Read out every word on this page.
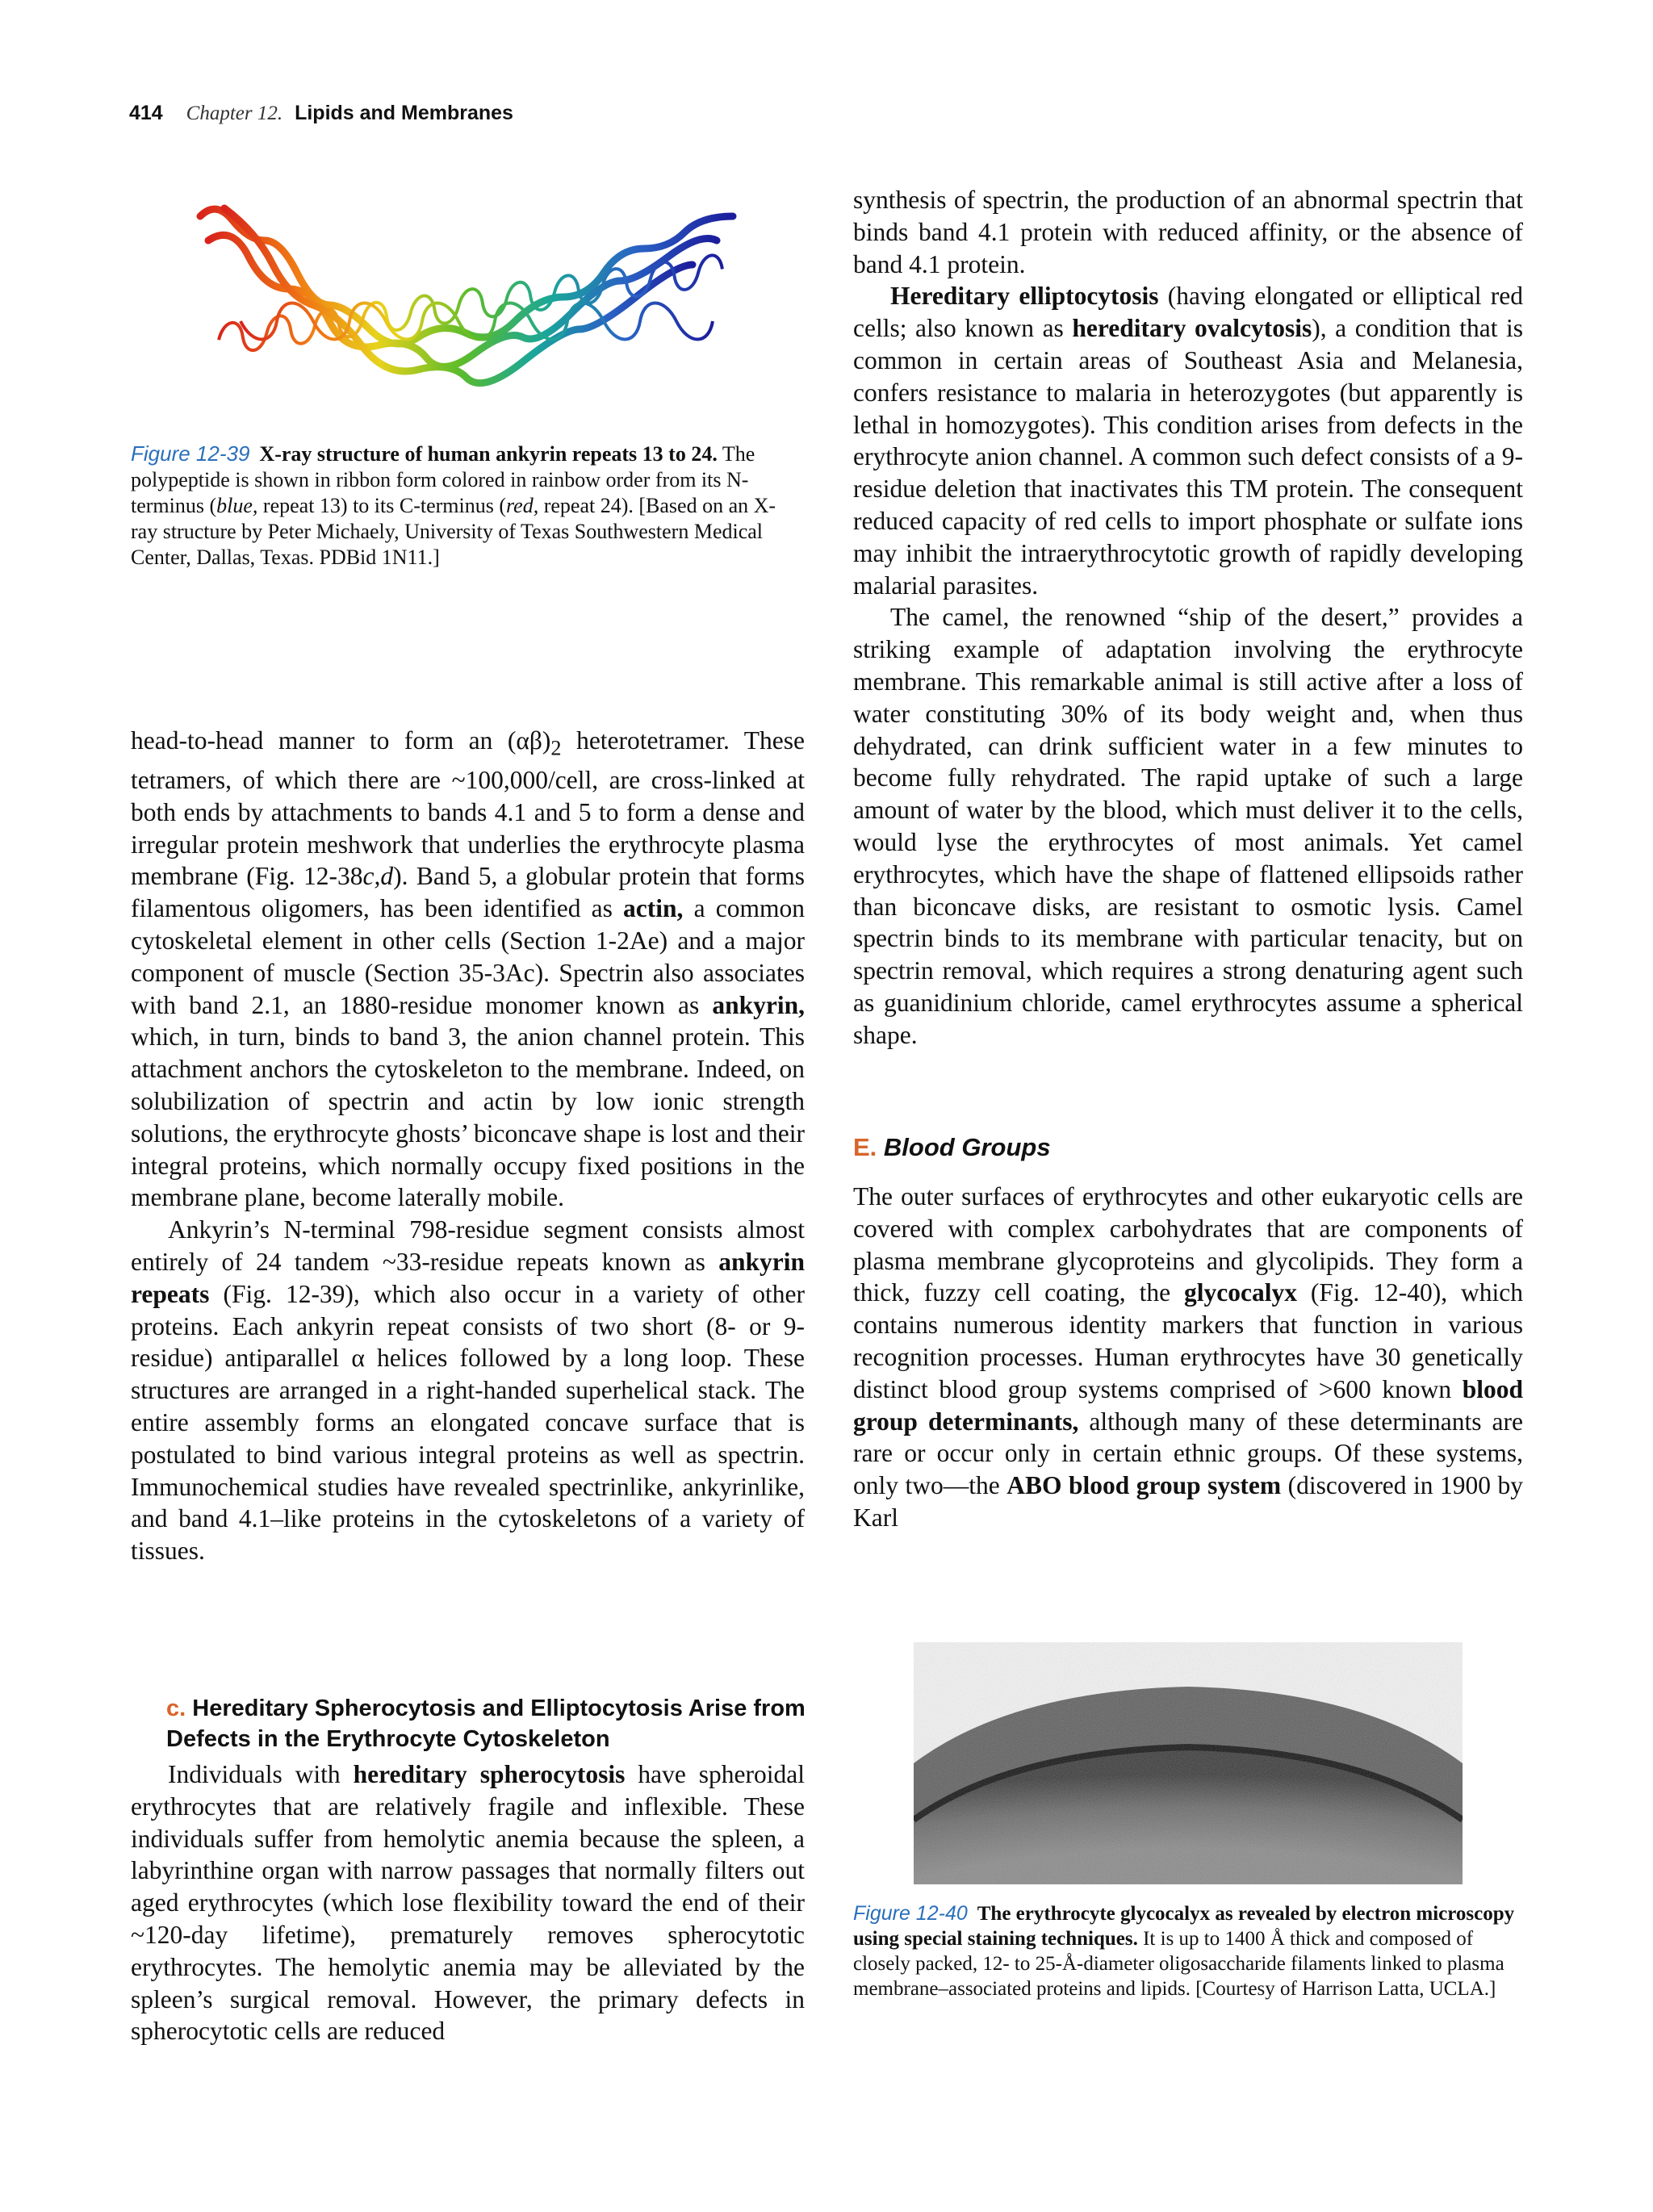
414 Chapter 12. Lipids and Membranes
Figure 12-39 X-ray structure of human ankyrin repeats 13 to 24. The polypeptide is shown in ribbon form colored in rainbow order from its N-terminus (blue, repeat 13) to its C-terminus (red, repeat 24). [Based on an X-ray structure by Peter Michaely, University of Texas Southwestern Medical Center, Dallas, Texas. PDBid 1N11.]

head-to-head manner to form an $(\alpha\beta)_2$ heterotetramer. These tetramers, of which there are ~100,000/cell, are cross-linked at both ends by attachments to bands 4.1 and 5 to form a dense and irregular protein meshwork that underlies the erythrocyte plasma membrane (Fig. 12-38c,d). Band 5, a globular protein that forms filamentous oligomers, has been identified as actin, a common cytoskeletal element in other cells (Section 1-2Ae) and a major component of muscle (Section 35-3Ac). Spectrin also associates with band 2.1, an 1880-residue monomer known as ankyrin, which, in turn, binds to band 3, the anion channel protein. This attachment anchors the cytoskeleton to the membrane. Indeed, on solubilization of spectrin and actin by low ionic strength solutions, the erythrocyte ghosts’ biconcave shape is lost and their integral proteins, which normally occupy fixed positions in the membrane plane, become laterally mobile.

Ankyrin’s N-terminal 798-residue segment consists almost entirely of 24 tandem ~33-residue repeats known as ankyrin repeats (Fig. 12-39), which also occur in a variety of other proteins. Each ankyrin repeat consists of two short (8- or 9-residue) antiparallel α helices followed by a long loop. These structures are arranged in a right-handed superhelical stack. The entire assembly forms an elongated concave surface that is postulated to bind various integral proteins as well as spectrin. Immunochemical studies have revealed spectrinlike, ankyrinlike, and band 4.1–like proteins in the cytoskeletons of a variety of tissues.

c. Hereditary Spherocytosis and Elliptocytosis Arise from Defects in the Erythrocyte Cytoskeleton

Individuals with hereditary spherocytosis have spheroidal erythrocytes that are relatively fragile and inflexible. These individuals suffer from hemolytic anemia because the spleen, a labyrinthine organ with narrow passages that normally filters out aged erythrocytes (which lose flexibility toward the end of their ~120-day lifetime), prematurely removes spherocytotic erythrocytes. The hemolytic anemia may be alleviated by the spleen’s surgical removal. However, the primary defects in spherocytotic cells are reduced

synthesis of spectrin, the production of an abnormal spectrin that binds band 4.1 protein with reduced affinity, or the absence of band 4.1 protein.

Hereditary elliptocytosis (having elongated or elliptical red cells; also known as hereditary ovalcytosis), a condition that is common in certain areas of Southeast Asia and Melanesia, confers resistance to malaria in heterozygotes (but apparently is lethal in homozygotes). This condition arises from defects in the erythrocyte anion channel. A common such defect consists of a 9-residue deletion that inactivates this TM protein. The consequent reduced capacity of red cells to import phosphate or sulfate ions may inhibit the intraerythrocytotic growth of rapidly developing malarial parasites.

The camel, the renowned “ship of the desert,” provides a striking example of adaptation involving the erythrocyte membrane. This remarkable animal is still active after a loss of water constituting 30% of its body weight and, when thus dehydrated, can drink sufficient water in a few minutes to become fully rehydrated. The rapid uptake of such a large amount of water by the blood, which must deliver it to the cells, would lyse the erythrocytes of most animals. Yet camel erythrocytes, which have the shape of flattened ellipsoids rather than biconcave disks, are resistant to osmotic lysis. Camel spectrin binds to its membrane with particular tenacity, but on spectrin removal, which requires a strong denaturing agent such as guanidinium chloride, camel erythrocytes assume a spherical shape.

E. Blood Groups

The outer surfaces of erythrocytes and other eukaryotic cells are covered with complex carbohydrates that are components of plasma membrane glycoproteins and glycolipids. They form a thick, fuzzy cell coating, the glycocalyx (Fig. 12-40), which contains numerous identity markers that function in various recognition processes. Human erythrocytes have 30 genetically distinct blood group systems comprised of >600 known blood group determinants, although many of these determinants are rare or occur only in certain ethnic groups. Of these systems, only two—the ABO blood group system (discovered in 1900 by Karl

Figure 12-40 The erythrocyte glycocalyx as revealed by electron microscopy using special staining techniques. It is up to 1400 Å thick and composed of closely packed, 12- to 25-Å-diameter oligosaccharide filaments linked to plasma membrane–associated proteins and lipids. [Courtesy of Harrison Latta, UCLA.]
